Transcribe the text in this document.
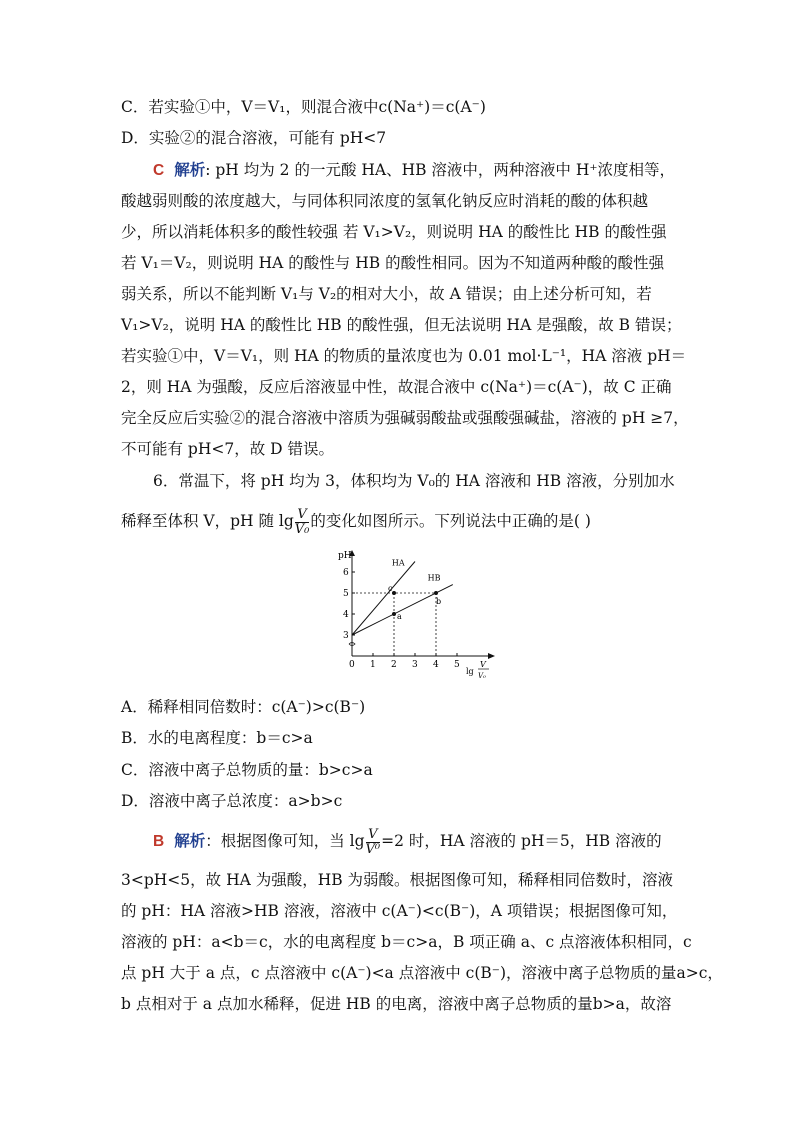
C．若实验①中，V＝V₁，则混合液中c(Na⁺)＝c(A⁻)
D．实验②的混合溶液，可能有 pH<7
C 解析: pH 均为 2 的一元酸 HA、HB 溶液中，两种溶液中 H⁺浓度相等，
酸越弱则酸的浓度越大，与同体积同浓度的氢氧化钠反应时消耗的酸的体积越
少，所以消耗体积多的酸性较强 若 V₁>V₂，则说明 HA 的酸性比 HB 的酸性强
若 V₁＝V₂，则说明 HA 的酸性与 HB 的酸性相同。因为不知道两种酸的酸性强
弱关系，所以不能判断 V₁与 V₂的相对大小，故 A 错误；由上述分析可知，若
V₁>V₂，说明 HA 的酸性比 HB 的酸性强，但无法说明 HA 是强酸，故 B 错误；
若实验①中，V＝V₁，则 HA 的物质的量浓度也为 0.01 mol·L⁻¹，HA 溶液 pH＝
2，则 HA 为强酸，反应后溶液显中性，故混合液中 c(Na⁺)＝c(A⁻)，故 C 正确
完全反应后实验②的混合溶液中溶质为强碱弱酸盐或强酸强碱盐，溶液的 pH ≥7，
不可能有 pH<7，故 D 错误。
6．常温下，将 pH 均为 3，体积均为 V₀的 HA 溶液和 HB 溶液，分别加水
稀释至体积 V，pH 随 $\lg \frac{V}{\text{V₀}}$ 的变化如图所示。下列说法中正确的是( )
pH
3
4
5
6
0 1 2 3 4 5
lg
V
V₀
HA
HB
c
a
b
A．稀释相同倍数时：c(A⁻)>c(B⁻)
B．水的电离程度：b＝c>a
C．溶液中离子总物质的量：b>c>a
D．溶液中离子总浓度：a>b>c
B 解析：根据图像可知，当 $\lg \frac{V}{\text{V⁰}} =2$ 时，HA 溶液的 pH＝5，HB 溶液的
3<pH<5，故 HA 为强酸，HB 为弱酸。根据图像可知，稀释相同倍数时，溶液
的 pH：HA 溶液>HB 溶液，溶液中 c(A⁻)<c(B⁻)，A 项错误；根据图像可知，
溶液的 pH：a<b＝c，水的电离程度 b＝c>a，B 项正确 a、c 点溶液体积相同，c
点 pH 大于 a 点，c 点溶液中 c(A⁻)<a 点溶液中 c(B⁻)，溶液中离子总物质的量a>c，
b 点相对于 a 点加水稀释，促进 HB 的电离，溶液中离子总物质的量b>a，故溶
